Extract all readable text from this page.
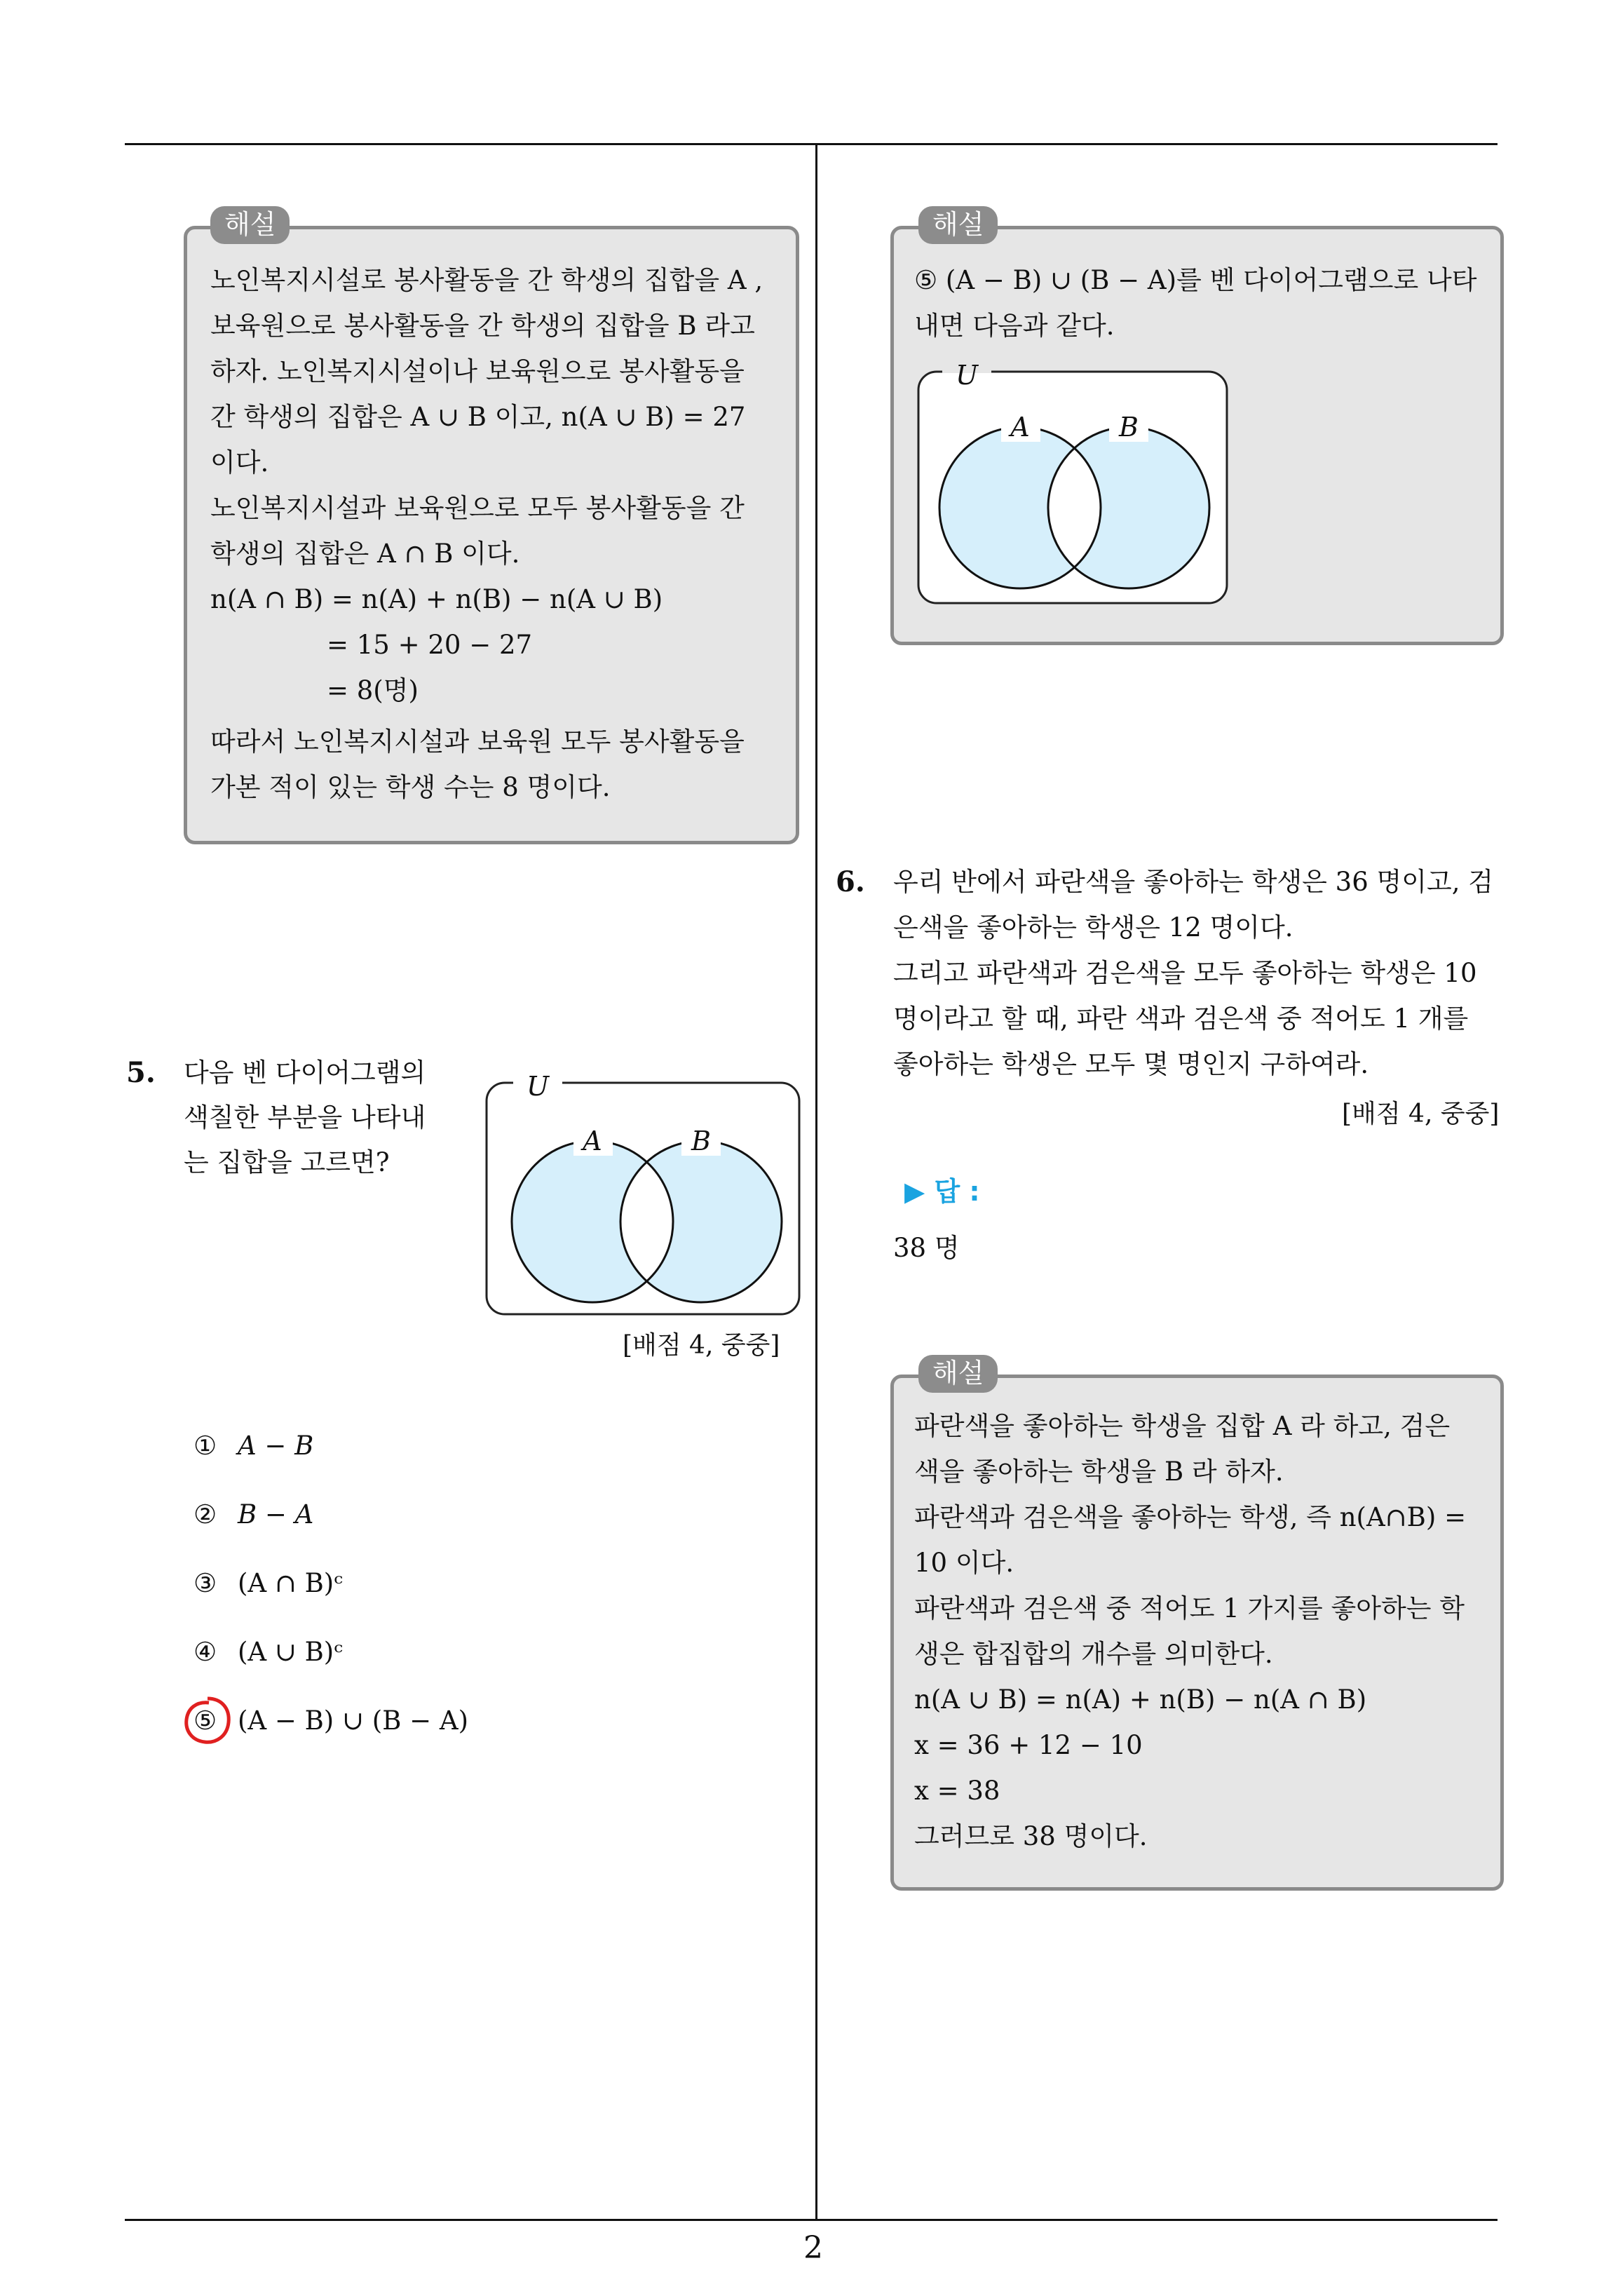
해설
노인복지시설로 봉사활동을 간 학생의 집합을 A ,
보육원으로 봉사활동을 간 학생의 집합을 B 라고
하자. 노인복지시설이나 보육원으로 봉사활동을
간 학생의 집합은 A ∪ B 이고, n(A ∪ B) = 27
이다.
노인복지시설과 보육원으로 모두 봉사활동을 간
학생의 집합은 A ∩ B 이다.
n(A ∩ B) = n(A) + n(B) − n(A ∪ B)
= 15 + 20 − 27
= 8(명)
따라서 노인복지시설과 보육원 모두 봉사활동을
가본 적이 있는 학생 수는 8 명이다.
5. 다음 벤 다이어그램의
색칠한 부분을 나타내
는 집합을 고르면?
U
A	B
[배점 4, 중중]
① A − B
② B − A
③ (A ∩ B)ᶜ
④ (A ∪ B)ᶜ
⑤ (A − B) ∪ (B − A)
해설
⑤ (A − B) ∪ (B − A)를 벤 다이어그램으로 나타
내면 다음과 같다.
U
A	B
6. 우리 반에서 파란색을 좋아하는 학생은 36 명이고, 검
은색을 좋아하는 학생은 12 명이다.
그리고 파란색과 검은색을 모두 좋아하는 학생은 10
명이라고 할 때, 파란 색과 검은색 중 적어도 1 개를
좋아하는 학생은 모두 몇 명인지 구하여라.
[배점 4, 중중]
▶ 답 :
38 명
해설
파란색을 좋아하는 학생을 집합 A 라 하고, 검은
색을 좋아하는 학생을 B 라 하자.
파란색과 검은색을 좋아하는 학생, 즉 n(A∩B) =
10 이다.
파란색과 검은색 중 적어도 1 가지를 좋아하는 학
생은 합집합의 개수를 의미한다.
n(A ∪ B) = n(A) + n(B) − n(A ∩ B)
x = 36 + 12 − 10
x = 38
그러므로 38 명이다.
2
